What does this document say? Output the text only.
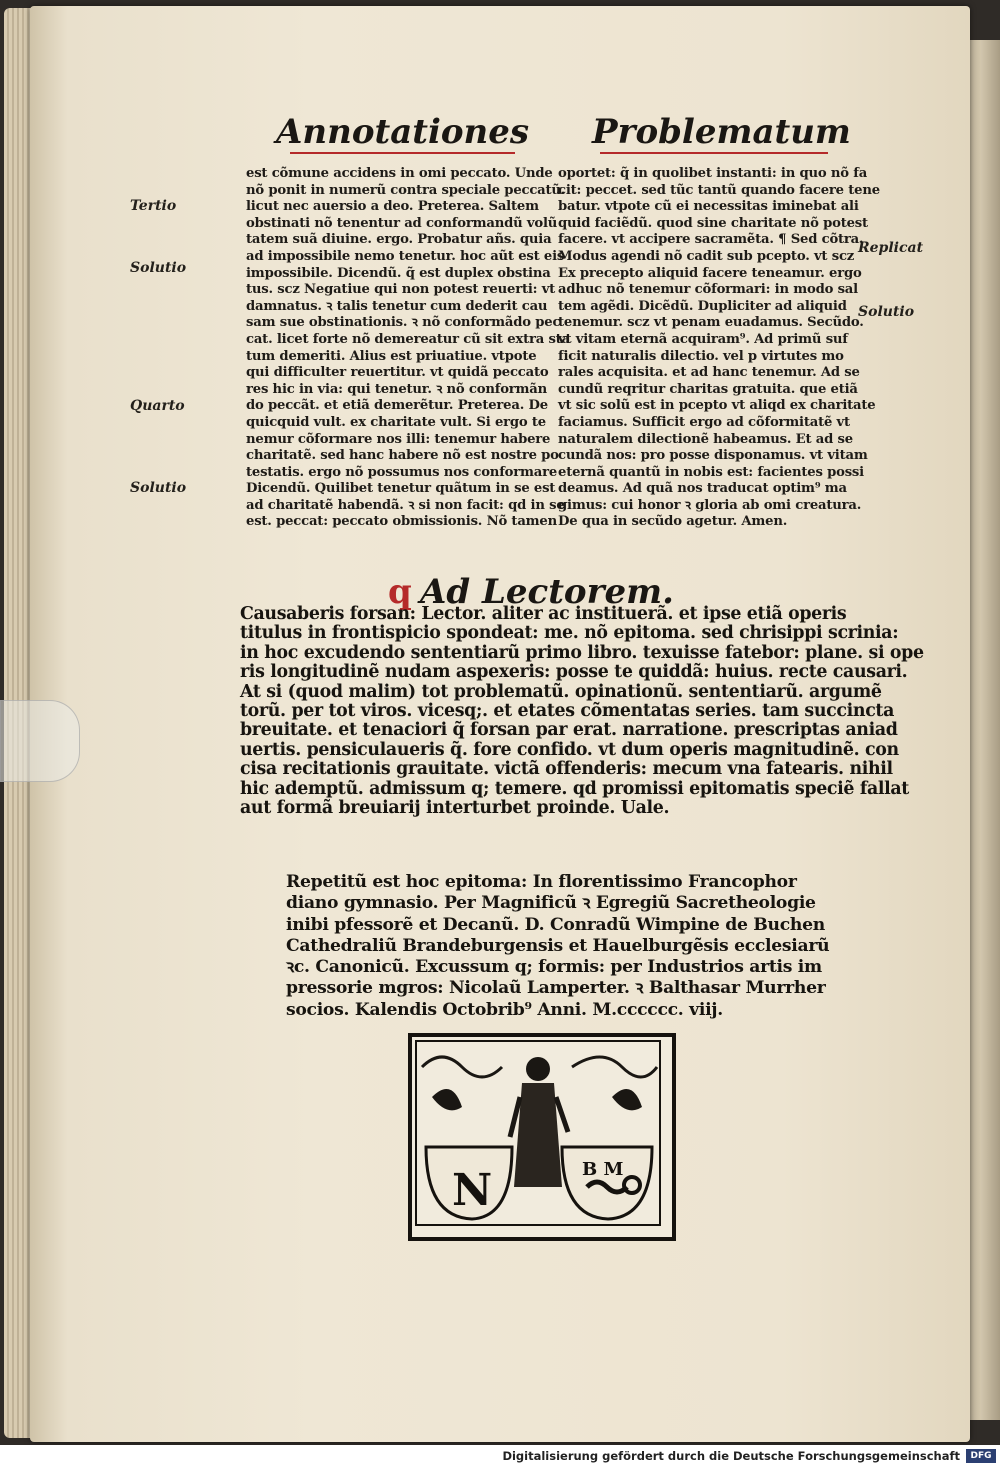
Annotationes Problematum
Tertio
Solutio
Quarto
Solutio
Replicat
Solutio
est cõmune accidens in omi peccato. Unde
nõ ponit in numerũ contra speciale peccatũ.
licut nec auersio a deo. Preterea. Saltem
obstinati nõ tenentur ad conformandũ volũ
tatem suã diuine. ergo. Probatur añs. quia
ad impossibile nemo tenetur. hoc aũt est eis
impossibile. Dicendũ. q̃ est duplex obstina
tus. scz Negatiue qui non potest reuerti: vt
damnatus. ꝛ talis tenetur cum dederit cau
sam sue obstinationis. ꝛ nõ conformãdo pec
cat. licet forte nõ demereatur cũ sit extra sta
tum demeriti. Alius est priuatiue. vtpote
qui difficulter reuertitur. vt quidã peccato
res hic in via: qui tenetur. ꝛ nõ conformãn
do peccãt. et etiã demerẽtur. Preterea. De
quicquid vult. ex charitate vult. Si ergo te
nemur cõformare nos illi: tenemur habere
charitatẽ. sed hanc habere nõ est nostre po
testatis. ergo nõ possumus nos conformare
Dicendũ. Quilibet tenetur quãtum in se est
ad charitatẽ habendã. ꝛ si non facit: qd in se
est. peccat: peccato obmissionis. Nõ tamen
oportet: q̃ in quolibet instanti: in quo nõ fa
cit: peccet. sed tũc tantũ quando facere tene
batur. vtpote cũ ei necessitas iminebat ali
quid faciẽdũ. quod sine charitate nõ potest
facere. vt accipere sacramẽta. ¶ Sed cõtra.
Modus agendi nõ cadit sub pcepto. vt scz
Ex precepto aliquid facere teneamur. ergo
adhuc nõ tenemur cõformari: in modo sal
tem agẽdi. Dicẽdũ. Dupliciter ad aliquid
tenemur. scz vt penam euadamus. Secũdo.
vt vitam eternã acquiram⁹. Ad primũ suf
ficit naturalis dilectio. vel p virtutes mo
rales acquisita. et ad hanc tenemur. Ad se
cundũ reqritur charitas gratuita. que etiã
vt sic solũ est in pcepto vt aliqd ex charitate
faciamus. Sufficit ergo ad cõformitatẽ vt
naturalem dilectionẽ habeamus. Et ad se
cundã nos: pro posse disponamus. vt vitam
eternã quantũ in nobis est: facientes possi
deamus. Ad quã nos traducat optim⁹ ma
gimus: cui honor ꝛ gloria ab omi creatura.
De qua in secũdo agetur. Amen.
q Ad Lectorem.
Causaberis forsan: Lector. aliter ac instituerã. et ipse etiã operis
titulus in frontispicio spondeat: me. nõ epitoma. sed chrisippi scrinia:
in hoc excudendo sententiarũ primo libro. texuisse fatebor: plane. si ope
ris longitudinẽ nudam aspexeris: posse te quiddã: huius. recte causari.
At si (quod malim) tot problematũ. opinationũ. sententiarũ. argumẽ
torũ. per tot viros. vicesq;. et etates cõmentatas series. tam succincta
breuitate. et tenaciori q̃ forsan par erat. narratione. prescriptas aniad
uertis. pensiculaueris q̃. fore confido. vt dum operis magnitudinẽ. con
cisa recitationis grauitate. victã offenderis: mecum vna fatearis. nihil
hic ademptũ. admissum q; temere. qd promissi epitomatis speciẽ fallat
aut formã breuiarij interturbet proinde. Uale.
Repetitũ est hoc epitoma: In florentissimo Francophor
diano gymnasio. Per Magnificũ ꝛ Egregiũ Sacretheologie
inibi pfessorẽ et Decanũ. D. Conradũ Wimpine de Buchen
Cathedraliũ Brandeburgensis et Hauelburgẽsis ecclesiarũ
ꝛc. Canonicũ. Excussum q; formis: per Industrios artis im
pressorie mgros: Nicolaũ Lamperter. ꝛ Balthasar Murrher
socios. Kalendis Octobrib⁹ Anni. M.cccccc. viij.
N	B M
Digitalisierung gefördert durch die Deutsche Forschungsgemeinschaft	DFG
